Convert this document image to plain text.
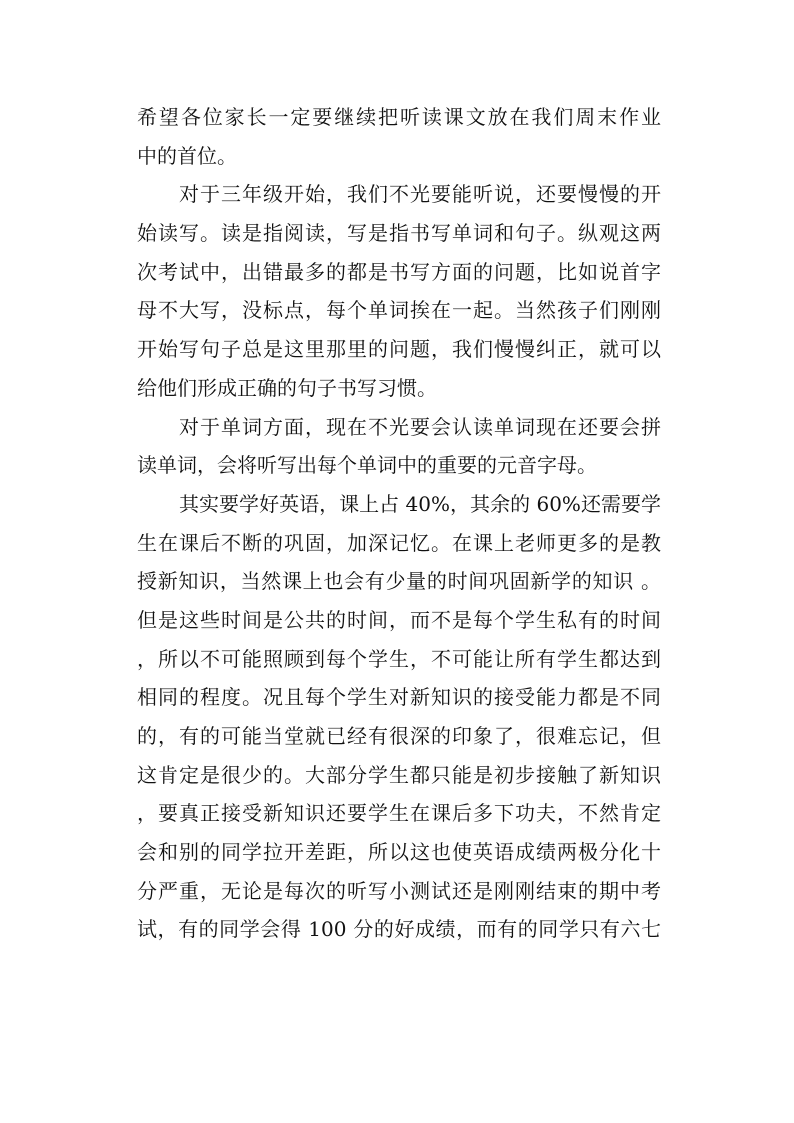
希望各位家长一定要继续把听读课文放在我们周末作业
中的首位。
对于三年级开始，我们不光要能听说，还要慢慢的开
始读写。读是指阅读，写是指书写单词和句子。纵观这两
次考试中，出错最多的都是书写方面的问题，比如说首字
母不大写，没标点，每个单词挨在一起。当然孩子们刚刚
开始写句子总是这里那里的问题，我们慢慢纠正，就可以
给他们形成正确的句子书写习惯。
对于单词方面，现在不光要会认读单词现在还要会拼
读单词，会将听写出每个单词中的重要的元音字母。
其实要学好英语，课上占 40%，其余的 60%还需要学
生在课后不断的巩固，加深记忆。在课上老师更多的是教
授新知识，当然课上也会有少量的时间巩固新学的知识 。
但是这些时间是公共的时间，而不是每个学生私有的时间
，所以不可能照顾到每个学生，不可能让所有学生都达到
相同的程度。况且每个学生对新知识的接受能力都是不同
的，有的可能当堂就已经有很深的印象了，很难忘记，但
这肯定是很少的。大部分学生都只能是初步接触了新知识
，要真正接受新知识还要学生在课后多下功夫，不然肯定
会和别的同学拉开差距，所以这也使英语成绩两极分化十
分严重，无论是每次的听写小测试还是刚刚结束的期中考
试，有的同学会得 100 分的好成绩，而有的同学只有六七
